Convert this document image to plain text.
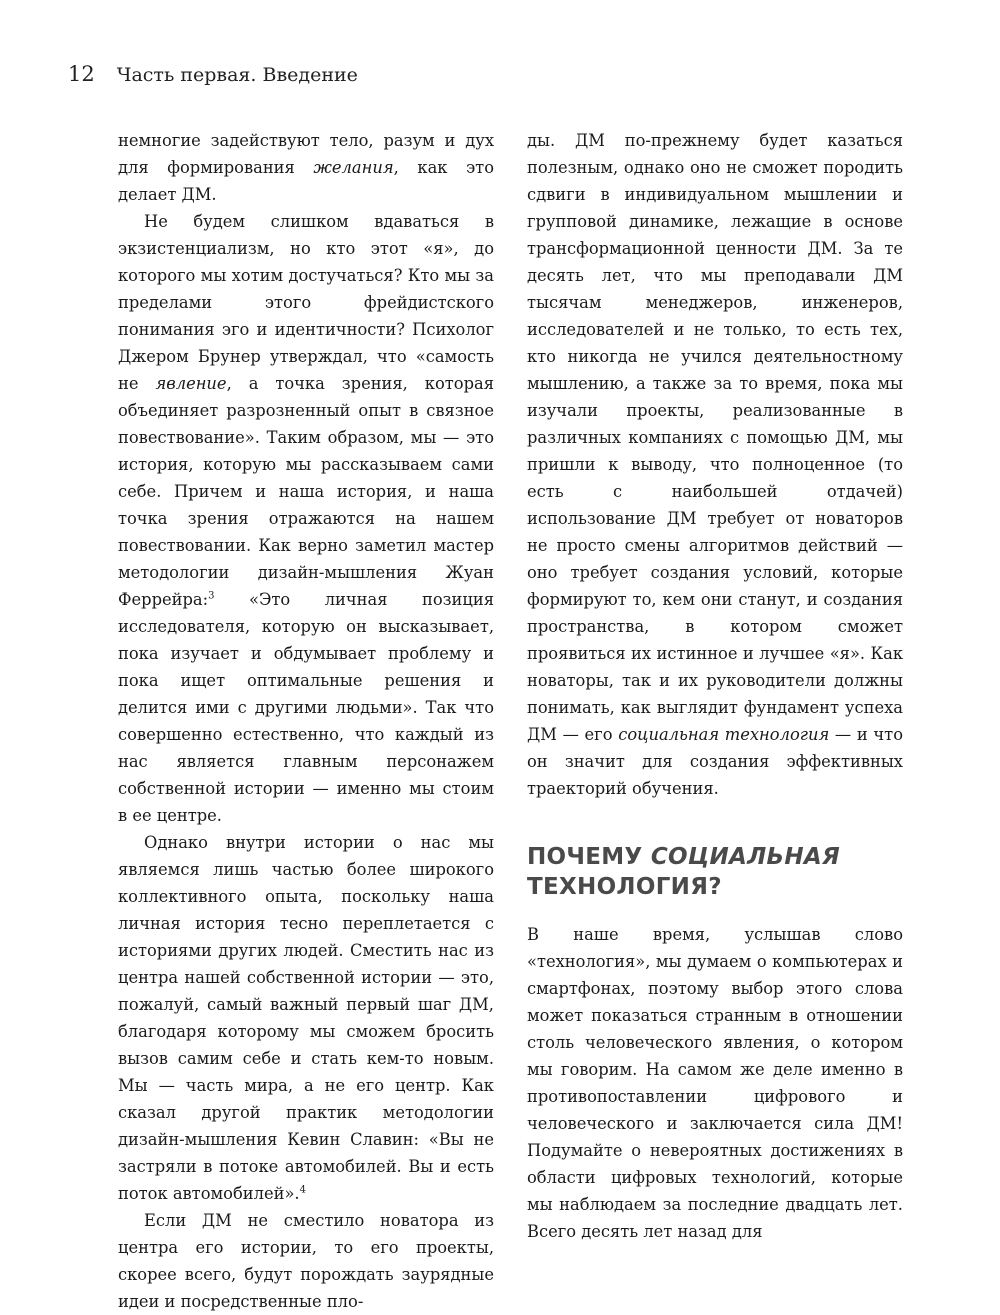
12 Часть первая. Введение

немногие задействуют тело, разум и дух для формирования желания, как это делает ДМ.

Не будем слишком вдаваться в экзистенциализм, но кто этот «я», до которого мы хотим достучаться? Кто мы за пределами этого фрейдистского понимания эго и идентичности? Психолог Джером Брунер утверждал, что «самость не явление, а точка зрения, которая объединяет разрозненный опыт в связное повествование». Таким образом, мы — это история, которую мы рассказываем сами себе. Причем и наша история, и наша точка зрения отражаются на нашем повествовании. Как верно заметил мастер методологии дизайн-мышления Жуан Феррейра:$^3$ «Это личная позиция исследователя, которую он высказывает, пока изучает и обдумывает проблему и пока ищет оптимальные решения и делится ими с другими людьми». Так что совершенно естественно, что каждый из нас является главным персонажем собственной истории — именно мы стоим в ее центре.

Однако внутри истории о нас мы являемся лишь частью более широкого коллективного опыта, поскольку наша личная история тесно переплетается с историями других людей. Сместить нас из центра нашей собственной истории — это, пожалуй, самый важный первый шаг ДМ, благодаря которому мы сможем бросить вызов самим себе и стать кем-то новым. Мы — часть мира, а не его центр. Как сказал другой практик методологии дизайн-мышления Кевин Славин: «Вы не застряли в потоке автомобилей. Вы и есть поток автомобилей».$^4$

Если ДМ не сместило новатора из центра его истории, то его проекты, скорее всего, будут порождать заурядные идеи и посредственные пло-

ды. ДМ по-прежнему будет казаться полезным, однако оно не сможет породить сдвиги в индивидуальном мышлении и групповой динамике, лежащие в основе трансформационной ценности ДМ. За те десять лет, что мы преподавали ДМ тысячам менеджеров, инженеров, исследователей и не только, то есть тех, кто никогда не учился деятельностному мышлению, а также за то время, пока мы изучали проекты, реализованные в различных компаниях с помощью ДМ, мы пришли к выводу, что полноценное (то есть с наибольшей отдачей) использование ДМ требует от новаторов не просто смены алгоритмов действий — оно требует создания условий, которые формируют то, кем они станут, и создания пространства, в котором сможет проявиться их истинное и лучшее «я». Как новаторы, так и их руководители должны понимать, как выглядит фундамент успеха ДМ — его социальная технология — и что он значит для создания эффективных траекторий обучения.

ПОЧЕМУ СОЦИАЛЬНАЯ
ТЕХНОЛОГИЯ?

В наше время, услышав слово «технология», мы думаем о компьютерах и смартфонах, поэтому выбор этого слова может показаться странным в отношении столь человеческого явления, о котором мы говорим. На самом же деле именно в противопоставлении цифрового и человеческого и заключается сила ДМ! Подумайте о невероятных достижениях в области цифровых технологий, которые мы наблюдаем за последние двадцать лет. Всего десять лет назад для
